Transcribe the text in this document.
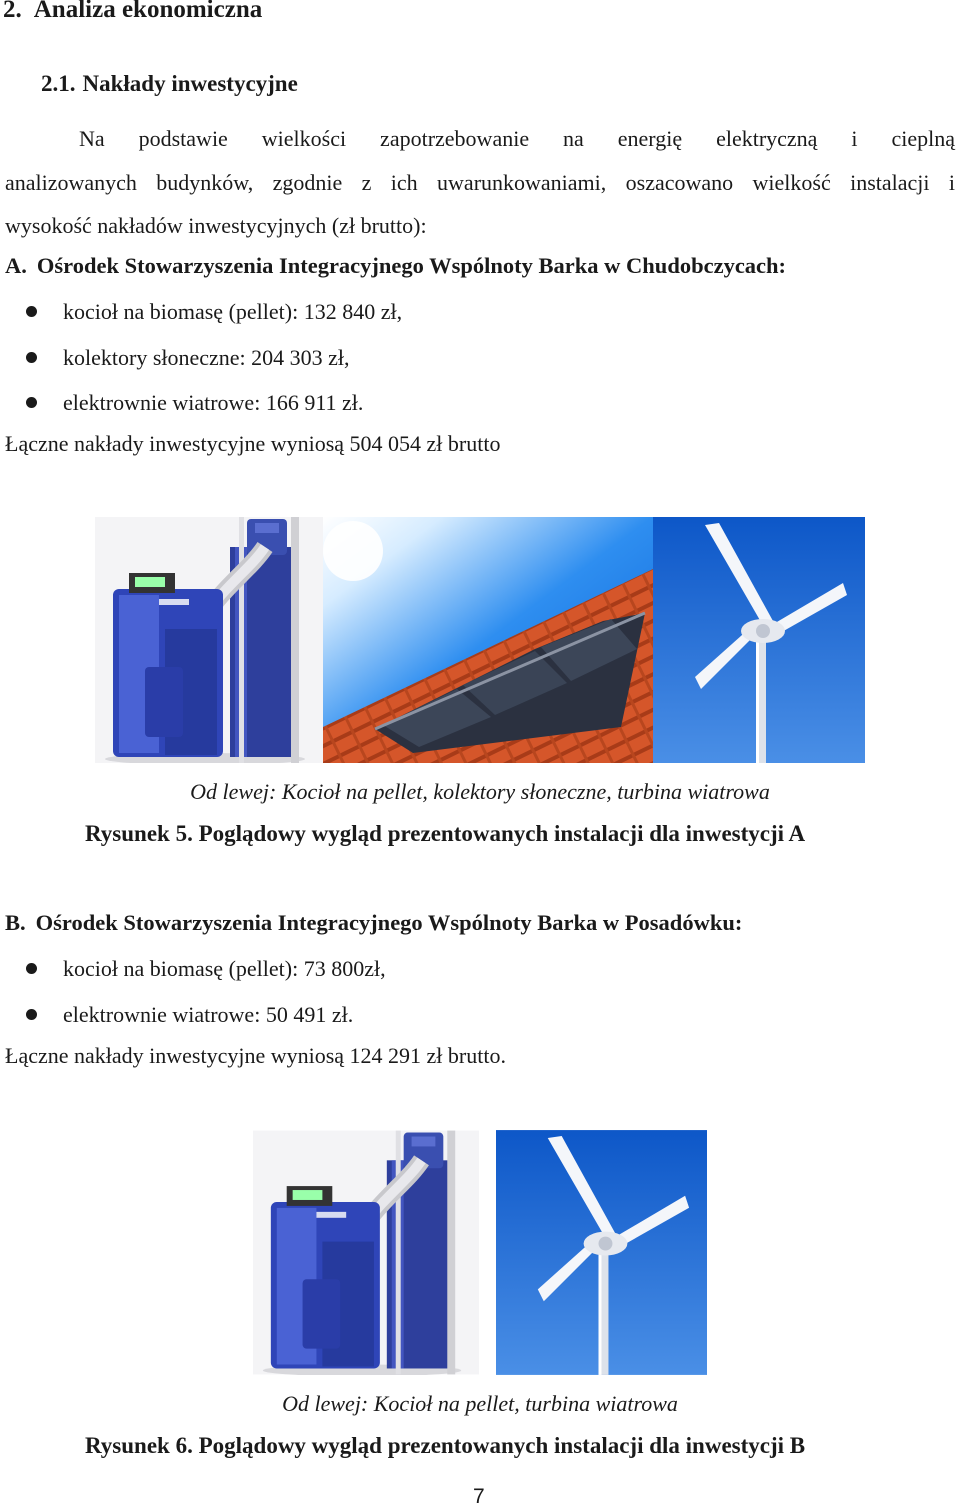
2. Analiza ekonomiczna
2.1. Nakłady inwestycyjne
Na podstawie wielkości zapotrzebowanie na energię elektryczną i cieplną
analizowanych budynków, zgodnie z ich uwarunkowaniami, oszacowano wielkość instalacji i
wysokość nakładów inwestycyjnych (zł brutto):
A. Ośrodek Stowarzyszenia Integracyjnego Wspólnoty Barka w Chudobczycach:
kocioł na biomasę (pellet): 132 840 zł,
kolektory słoneczne: 204 303 zł,
elektrownie wiatrowe: 166 911 zł.
Łączne nakłady inwestycyjne wyniosą 504 054 zł brutto
Od lewej: Kocioł na pellet, kolektory słoneczne, turbina wiatrowa
Rysunek 5. Poglądowy wygląd prezentowanych instalacji dla inwestycji A
B. Ośrodek Stowarzyszenia Integracyjnego Wspólnoty Barka w Posadówku:
kocioł na biomasę (pellet): 73 800zł,
elektrownie wiatrowe: 50 491 zł.
Łączne nakłady inwestycyjne wyniosą 124 291 zł brutto.
Od lewej: Kocioł na pellet, turbina wiatrowa
Rysunek 6. Poglądowy wygląd prezentowanych instalacji dla inwestycji B
7
